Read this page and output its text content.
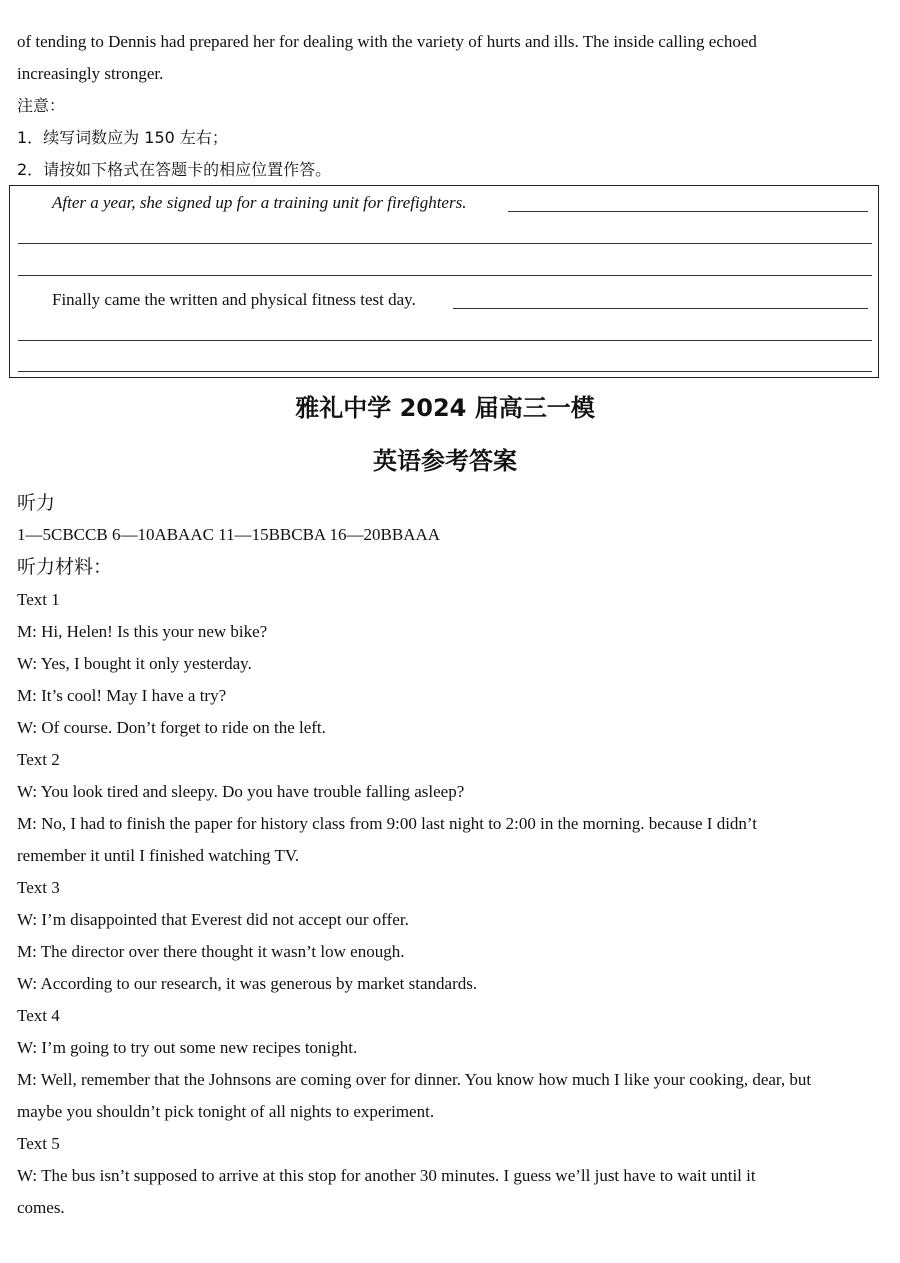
of tending to Dennis had prepared her for dealing with the variety of hurts and ills. The inside calling echoed
increasingly stronger.
注意：
1．续写词数应为 150 左右；
2．请按如下格式在答题卡的相应位置作答。
After a year, she signed up for a training unit for firefighters.
Finally came the written and physical fitness test day.
雅礼中学 2024 届高三一模
英语参考答案
听力
1—5CBCCB 6—10ABAAC 11—15BBCBA 16—20BBAAA
听力材料：
Text 1
M: Hi, Helen! Is this your new bike?
W: Yes, I bought it only yesterday.
M: It’s cool! May I have a try?
W: Of course. Don’t forget to ride on the left.
Text 2
W: You look tired and sleepy. Do you have trouble falling asleep?
M: No, I had to finish the paper for history class from 9:00 last night to 2:00 in the morning. because I didn’t
remember it until I finished watching TV.
Text 3
W: I’m disappointed that Everest did not accept our offer.
M: The director over there thought it wasn’t low enough.
W: According to our research, it was generous by market standards.
Text 4
W: I’m going to try out some new recipes tonight.
M: Well, remember that the Johnsons are coming over for dinner. You know how much I like your cooking, dear, but
maybe you shouldn’t pick tonight of all nights to experiment.
Text 5
W: The bus isn’t supposed to arrive at this stop for another 30 minutes. I guess we’ll just have to wait until it
comes.
